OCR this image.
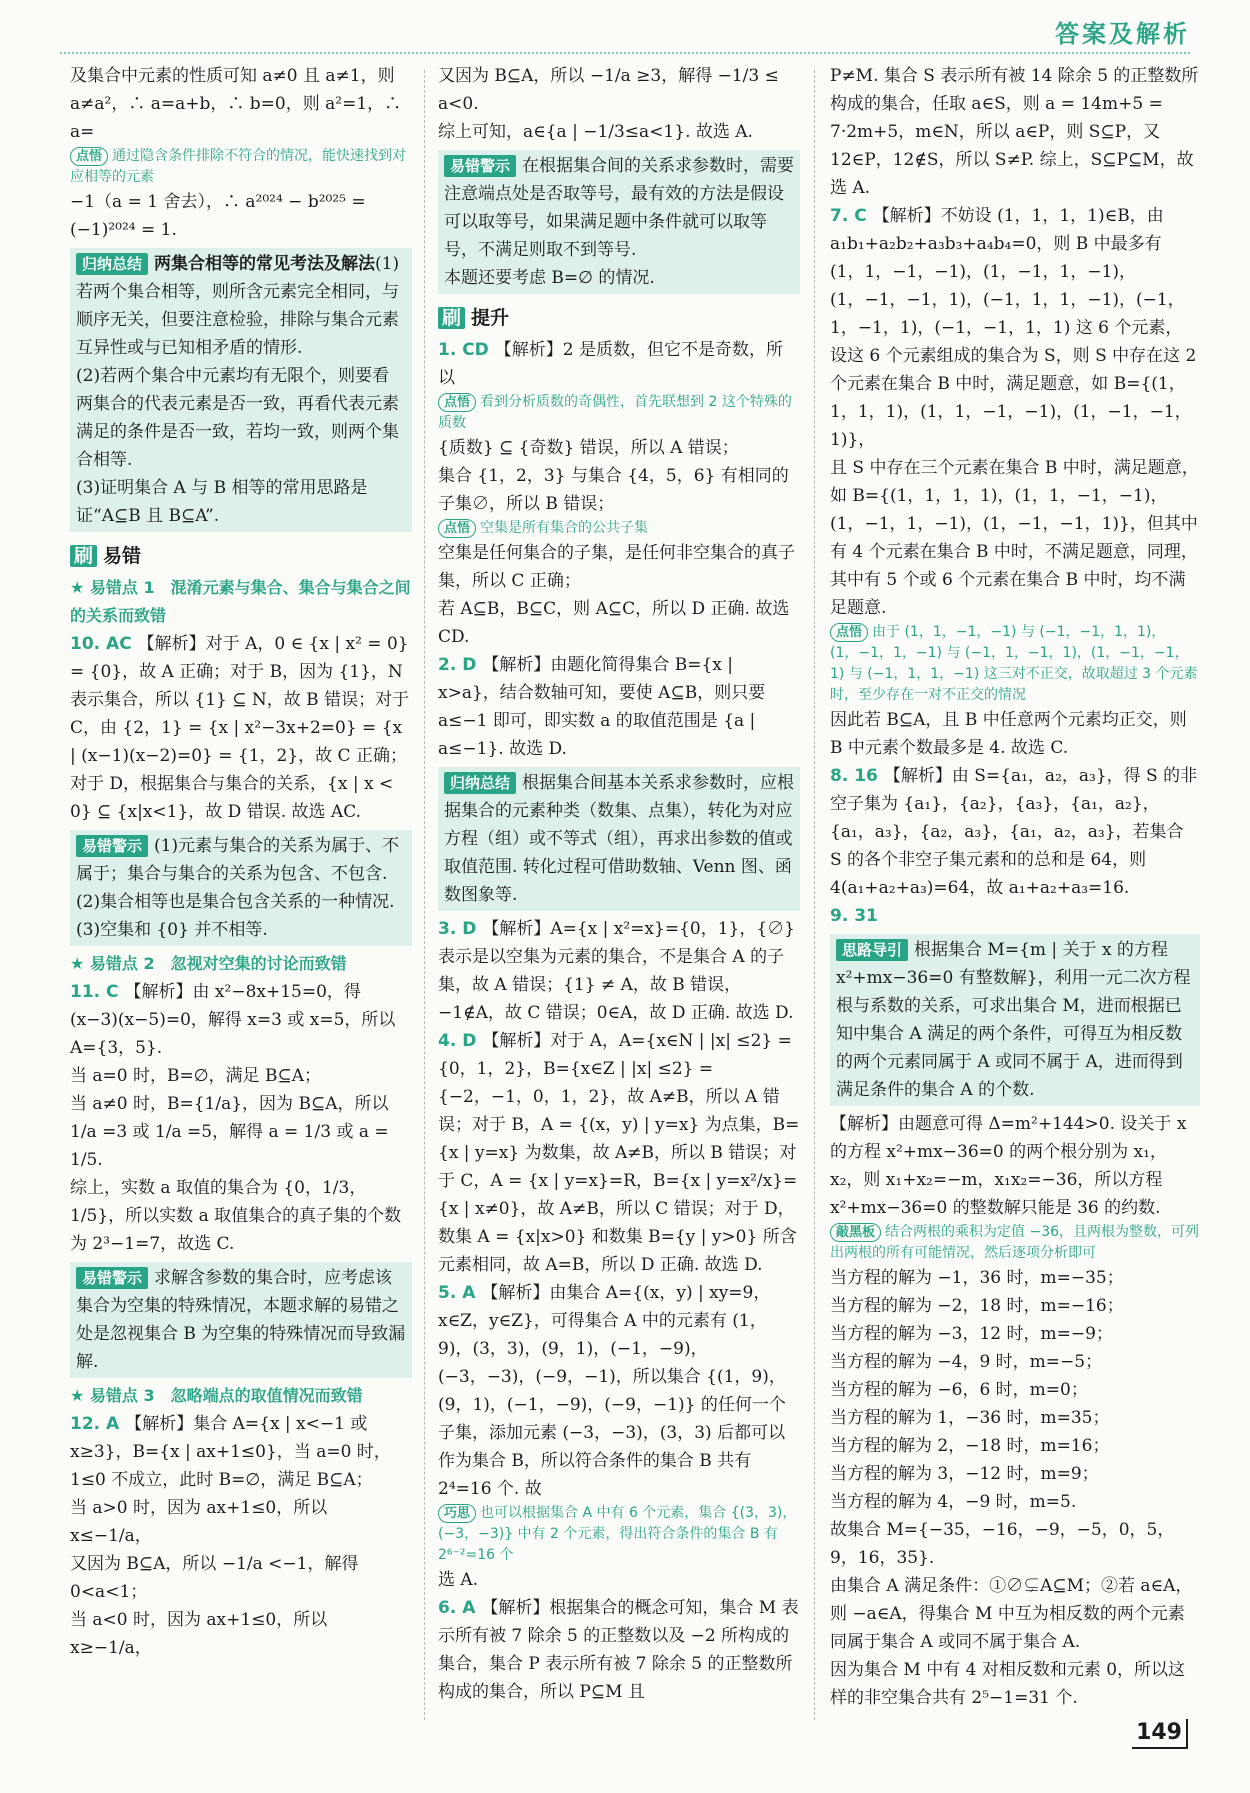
答案及解析

及集合中元素的性质可知 a≠0 且 a≠1，则 a≠a²，∴ a=a+b，∴ b=0，则 a²=1，∴ a=

点悟 通过隐含条件排除不符合的情况，能快速找到对应相等的元素

−1（a = 1 舍去），∴ a²⁰²⁴ − b²⁰²⁵ = (−1)²⁰²⁴ = 1.

归纳总结 两集合相等的常见考法及解法(1)若两个集合相等，则所含元素完全相同，与顺序无关，但要注意检验，排除与集合元素互异性或与已知相矛盾的情形.
(2)若两个集合中元素均有无限个，则要看两集合的代表元素是否一致，再看代表元素满足的条件是否一致，若均一致，则两个集合相等.
(3)证明集合 A 与 B 相等的常用思路是证“A⊆B 且 B⊆A”.

刷 易错

★ 易错点 1　混淆元素与集合、集合与集合之间的关系而致错

10. AC 【解析】对于 A，0 ∈ {x | x² = 0} = {0}，故 A 正确；对于 B，因为 {1}，N 表示集合，所以 {1} ⊆ N，故 B 错误；对于 C，由 {2，1} = {x | x²−3x+2=0} = {x | (x−1)(x−2)=0} = {1，2}，故 C 正确；对于 D，根据集合与集合的关系，{x | x < 0} ⊆ {x|x<1}，故 D 错误. 故选 AC.

易错警示 (1)元素与集合的关系为属于、不属于；集合与集合的关系为包含、不包含.
(2)集合相等也是集合包含关系的一种情况.
(3)空集和 {0} 并不相等.

★ 易错点 2　忽视对空集的讨论而致错

11. C 【解析】由 x²−8x+15=0，得 (x−3)(x−5)=0，解得 x=3 或 x=5，所以 A={3，5}.
当 a=0 时，B=∅，满足 B⊆A；
当 a≠0 时，B={1/a}，因为 B⊆A，所以 1/a =3 或 1/a =5，解得 a = 1/3 或 a = 1/5.
综上，实数 a 取值的集合为 {0，1/3，1/5}，所以实数 a 取值集合的真子集的个数为 2³−1=7，故选 C.

易错警示 求解含参数的集合时，应考虑该集合为空集的特殊情况，本题求解的易错之处是忽视集合 B 为空集的特殊情况而导致漏解.

★ 易错点 3　忽略端点的取值情况而致错

12. A 【解析】集合 A={x | x<−1 或 x≥3}，B={x | ax+1≤0}，当 a=0 时，1≤0 不成立，此时 B=∅，满足 B⊆A；
当 a>0 时，因为 ax+1≤0，所以 x≤−1/a，
又因为 B⊆A，所以 −1/a <−1，解得 0<a<1；
当 a<0 时，因为 ax+1≤0，所以 x≥−1/a，

又因为 B⊆A，所以 −1/a ≥3，解得 −1/3 ≤ a<0.
综上可知，a∈{a | −1/3≤a<1}. 故选 A.

易错警示 在根据集合间的关系求参数时，需要注意端点处是否取等号，最有效的方法是假设可以取等号，如果满足题中条件就可以取等号，不满足则取不到等号.
本题还要考虑 B=∅ 的情况.

刷 提升

1. CD 【解析】2 是质数，但它不是奇数，所以

点悟 看到分析质数的奇偶性，首先联想到 2 这个特殊的质数

{质数} ⊆ {奇数} 错误，所以 A 错误；
集合 {1，2，3} 与集合 {4，5，6} 有相同的子集∅，所以 B 错误；

点悟 空集是所有集合的公共子集

空集是任何集合的子集，是任何非空集合的真子集，所以 C 正确；
若 A⊆B，B⊆C，则 A⊆C，所以 D 正确. 故选 CD.

2. D 【解析】由题化简得集合 B={x | x>a}，结合数轴可知，要使 A⊆B，则只要 a≤−1 即可，即实数 a 的取值范围是 {a | a≤−1}. 故选 D.

归纳总结 根据集合间基本关系求参数时，应根据集合的元素种类（数集、点集），转化为对应方程（组）或不等式（组），再求出参数的值或取值范围. 转化过程可借助数轴、Venn 图、函数图象等.

3. D 【解析】A={x | x²=x}={0，1}，{∅} 表示是以空集为元素的集合，不是集合 A 的子集，故 A 错误；{1} ≠ A，故 B 错误，−1∉A，故 C 错误；0∈A，故 D 正确. 故选 D.

4. D 【解析】对于 A，A={x∈N | |x| ≤2} = {0，1，2}，B={x∈Z | |x| ≤2} = {−2，−1，0，1，2}，故 A≠B，所以 A 错误；对于 B，A = {(x，y) | y=x} 为点集，B={x | y=x} 为数集，故 A≠B，所以 B 错误；对于 C，A = {x | y=x}=R，B={x | y=x²/x}={x | x≠0}，故 A≠B，所以 C 错误；对于 D，数集 A = {x|x>0} 和数集 B={y | y>0} 所含元素相同，故 A=B，所以 D 正确. 故选 D.

5. A 【解析】由集合 A={(x，y) | xy=9，x∈Z，y∈Z}，可得集合 A 中的元素有 (1，9)，(3，3)，(9，1)，(−1，−9)，(−3，−3)，(−9，−1)，所以集合 {(1，9)，(9，1)，(−1，−9)，(−9，−1)} 的任何一个子集，添加元素 (−3，−3)，(3，3) 后都可以作为集合 B，所以符合条件的集合 B 共有 2⁴=16 个. 故

巧思 也可以根据集合 A 中有 6 个元素，集合 {(3，3)，(−3，−3)} 中有 2 个元素，得出符合条件的集合 B 有 2⁶⁻²=16 个

选 A.

6. A 【解析】根据集合的概念可知，集合 M 表示所有被 7 除余 5 的正整数以及 −2 所构成的集合，集合 P 表示所有被 7 除余 5 的正整数所构成的集合，所以 P⊆M 且

P≠M. 集合 S 表示所有被 14 除余 5 的正整数所构成的集合，任取 a∈S，则 a = 14m+5 = 7·2m+5，m∈N，所以 a∈P，则 S⊆P，又 12∈P，12∉S，所以 S≠P. 综上，S⊆P⊆M，故选 A.

7. C 【解析】不妨设 (1，1，1，1)∈B，由 a₁b₁+a₂b₂+a₃b₃+a₄b₄=0，则 B 中最多有 (1，1，−1，−1)，(1，−1，1，−1)，(1，−1，−1，1)，(−1，1，1，−1)，(−1，1，−1，1)，(−1，−1，1，1) 这 6 个元素，
设这 6 个元素组成的集合为 S，则 S 中存在这 2 个元素在集合 B 中时，满足题意，如 B={(1，1，1，1)，(1，1，−1，−1)，(1，−1，−1，1)}，
且 S 中存在三个元素在集合 B 中时，满足题意，如 B={(1，1，1，1)，(1，1，−1，−1)，(1，−1，1，−1)，(1，−1，−1，1)}，但其中有 4 个元素在集合 B 中时，不满足题意，同理，其中有 5 个或 6 个元素在集合 B 中时，均不满足题意.

点悟 由于 (1，1，−1，−1) 与 (−1，−1，1，1)，(1，−1，1，−1) 与 (−1，1，−1，1)，(1，−1，−1，1) 与 (−1，1，1，−1) 这三对不正交，故取超过 3 个元素时，至少存在一对不正交的情况

因此若 B⊆A，且 B 中任意两个元素均正交，则 B 中元素个数最多是 4. 故选 C.

8. 16 【解析】由 S={a₁，a₂，a₃}，得 S 的非空子集为 {a₁}，{a₂}，{a₃}，{a₁，a₂}，{a₁，a₃}，{a₂，a₃}，{a₁，a₂，a₃}，若集合 S 的各个非空子集元素和的总和是 64，则 4(a₁+a₂+a₃)=64，故 a₁+a₂+a₃=16.

9. 31

思路导引 根据集合 M={m | 关于 x 的方程 x²+mx−36=0 有整数解}，利用一元二次方程根与系数的关系，可求出集合 M，进而根据已知中集合 A 满足的两个条件，可得互为相反数的两个元素同属于 A 或同不属于 A，进而得到满足条件的集合 A 的个数.

【解析】由题意可得 Δ=m²+144>0. 设关于 x 的方程 x²+mx−36=0 的两个根分别为 x₁，x₂，则 x₁+x₂=−m，x₁x₂=−36，所以方程 x²+mx−36=0 的整数解只能是 36 的约数.

敲黑板 结合两根的乘积为定值 −36，且两根为整数，可列出两根的所有可能情况，然后逐项分析即可

当方程的解为 −1，36 时，m=−35；
当方程的解为 −2，18 时，m=−16；
当方程的解为 −3，12 时，m=−9；
当方程的解为 −4，9 时，m=−5；
当方程的解为 −6，6 时，m=0；
当方程的解为 1，−36 时，m=35；
当方程的解为 2，−18 时，m=16；
当方程的解为 3，−12 时，m=9；
当方程的解为 4，−9 时，m=5.
故集合 M={−35，−16，−9，−5，0，5，9，16，35}.
由集合 A 满足条件：①∅⊊A⊆M；②若 a∈A，则 −a∈A，得集合 M 中互为相反数的两个元素同属于集合 A 或同不属于集合 A.
因为集合 M 中有 4 对相反数和元素 0，所以这样的非空集合共有 2⁵−1=31 个.

149
